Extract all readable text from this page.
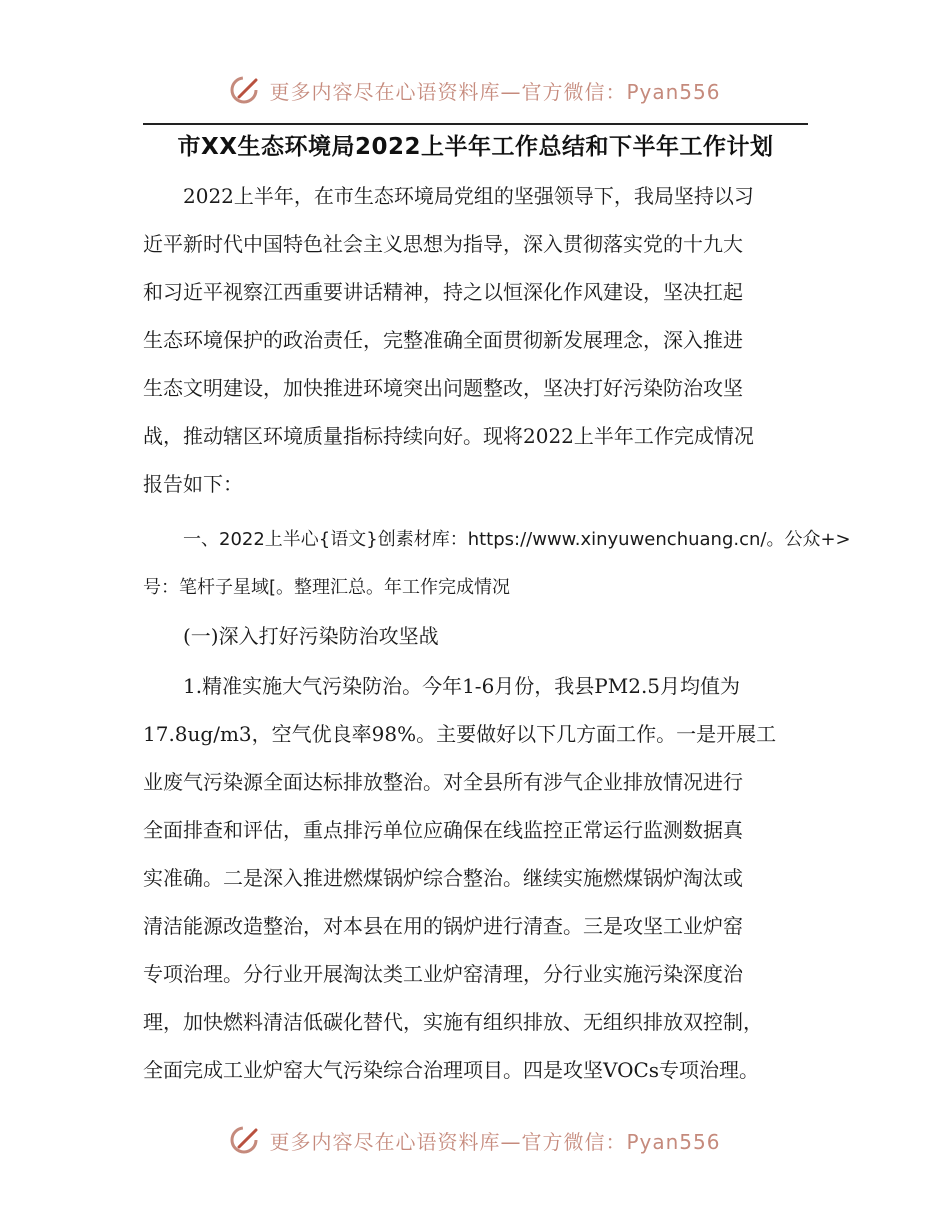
更多内容尽在心语资料库—官方微信：Pyan556
市XX生态环境局2022上半年工作总结和下半年工作计划
2022上半年，在市生态环境局党组的坚强领导下，我局坚持以习
近平新时代中国特色社会主义思想为指导，深入贯彻落实党的十九大
和习近平视察江西重要讲话精神，持之以恒深化作风建设，坚决扛起
生态环境保护的政治责任，完整准确全面贯彻新发展理念，深入推进
生态文明建设，加快推进环境突出问题整改，坚决打好污染防治攻坚
战，推动辖区环境质量指标持续向好。现将2022上半年工作完成情况
报告如下：
一、2022上半心{语文}创素材库：https://www.xinyuwenchuang.cn/。公众+>
号：笔杆子星域[。整理汇总。年工作完成情况
(一)深入打好污染防治攻坚战
1.精准实施大气污染防治。今年1-6月份，我县PM2.5月均值为
17.8ug/m3，空气优良率98%。主要做好以下几方面工作。一是开展工
业废气污染源全面达标排放整治。对全县所有涉气企业排放情况进行
全面排查和评估，重点排污单位应确保在线监控正常运行监测数据真
实准确。二是深入推进燃煤锅炉综合整治。继续实施燃煤锅炉淘汰或
清洁能源改造整治，对本县在用的锅炉进行清查。三是攻坚工业炉窑
专项治理。分行业开展淘汰类工业炉窑清理，分行业实施污染深度治
理，加快燃料清洁低碳化替代，实施有组织排放、无组织排放双控制，
全面完成工业炉窑大气污染综合治理项目。四是攻坚VOCs专项治理。
更多内容尽在心语资料库—官方微信：Pyan556
